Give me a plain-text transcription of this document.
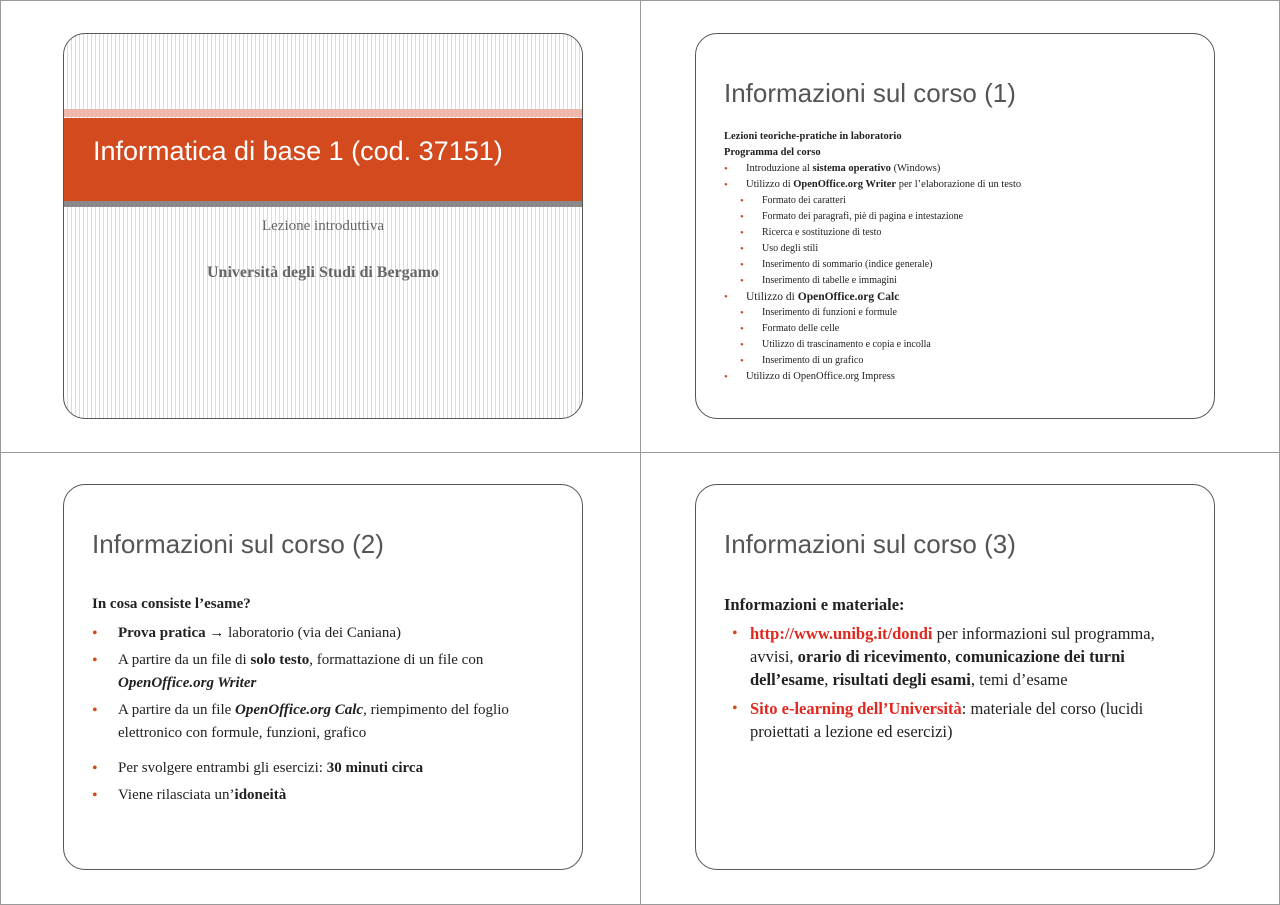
Informatica di base 1 (cod. 37151)
Lezione introduttiva
Università degli Studi di Bergamo
Informazioni sul corso (1)
Lezioni teoriche-pratiche in laboratorio
Programma del corso
• Introduzione al sistema operativo (Windows)
• Utilizzo di OpenOffice.org Writer per l’elaborazione di un testo
• Formato dei caratteri
• Formato dei paragrafi, piè di pagina e intestazione
• Ricerca e sostituzione di testo
• Uso degli stili
• Inserimento di sommario (indice generale)
• Inserimento di tabelle e immagini
• Utilizzo di OpenOffice.org Calc
• Inserimento di funzioni e formule
• Formato delle celle
• Utilizzo di trascinamento e copia e incolla
• Inserimento di un grafico
• Utilizzo di OpenOffice.org Impress
Informazioni sul corso (2)
In cosa consiste l’esame?
• Prova pratica → laboratorio (via dei Caniana)
• A partire da un file di solo testo, formattazione di un file con OpenOffice.org Writer
• A partire da un file OpenOffice.org Calc, riempimento del foglio elettronico con formule, funzioni, grafico
• Per svolgere entrambi gli esercizi: 30 minuti circa
• Viene rilasciata un’idoneità
Informazioni sul corso (3)
Informazioni e materiale:
• http://www.unibg.it/dondi per informazioni sul programma, avvisi, orario di ricevimento, comunicazione dei turni dell’esame, risultati degli esami, temi d’esame
• Sito e-learning dell’Università: materiale del corso (lucidi proiettati a lezione ed esercizi)
